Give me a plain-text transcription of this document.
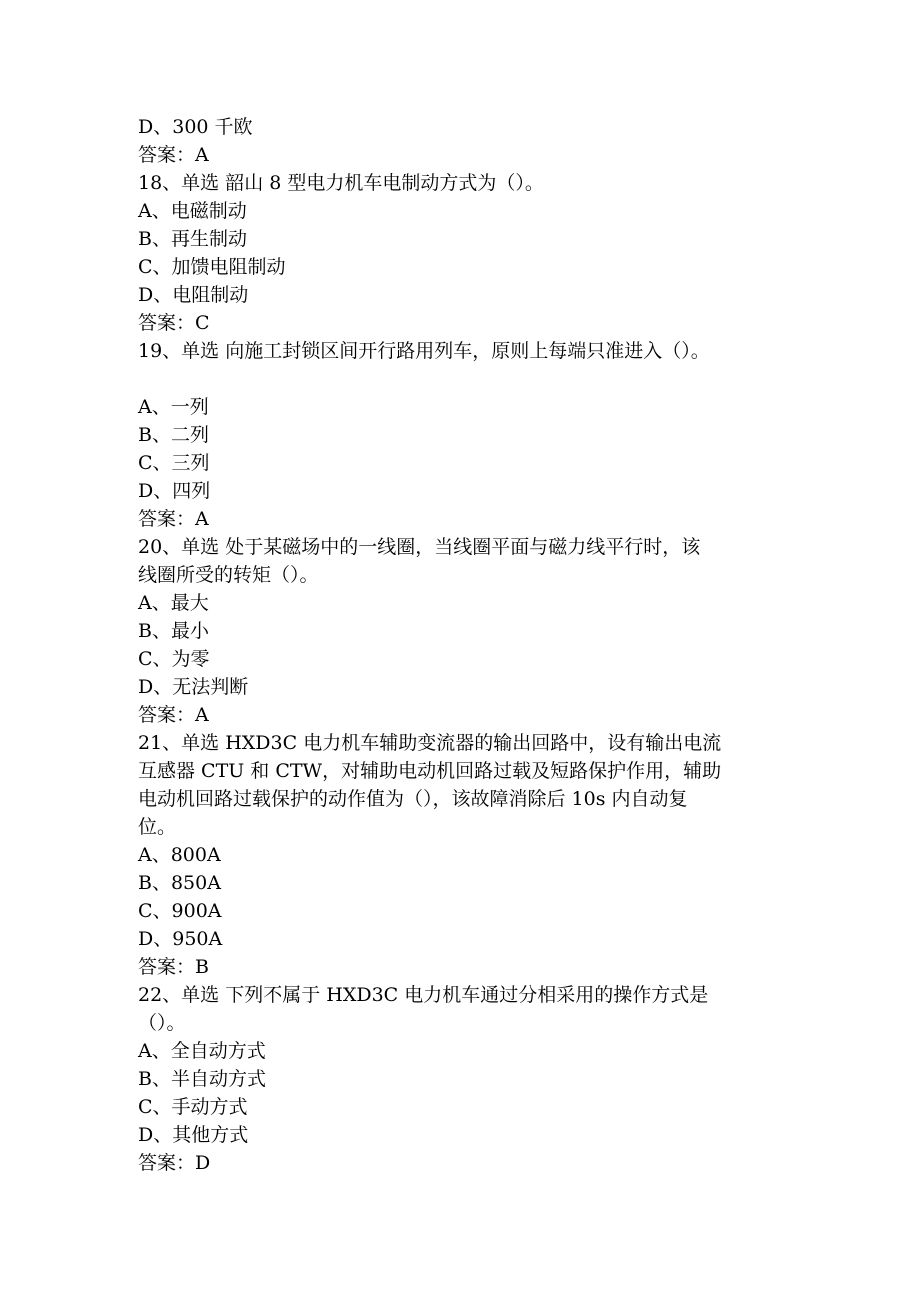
D、300 千欧
答案：A
18、单选 韶山 8 型电力机车电制动方式为（）。
A、电磁制动
B、再生制动
C、加馈电阻制动
D、电阻制动
答案：C
19、单选 向施工封锁区间开行路用列车，原则上每端只准进入（）。
A、一列
B、二列
C、三列
D、四列
答案：A
20、单选 处于某磁场中的一线圈，当线圈平面与磁力线平行时，该
线圈所受的转矩（）。
A、最大
B、最小
C、为零
D、无法判断
答案：A
21、单选 HXD3C 电力机车辅助变流器的输出回路中，设有输出电流
互感器 CTU 和 CTW，对辅助电动机回路过载及短路保护作用，辅助
电动机回路过载保护的动作值为（），该故障消除后 10s 内自动复
位。
A、800A
B、850A
C、900A
D、950A
答案：B
22、单选 下列不属于 HXD3C 电力机车通过分相采用的操作方式是
（）。
A、全自动方式
B、半自动方式
C、手动方式
D、其他方式
答案：D
